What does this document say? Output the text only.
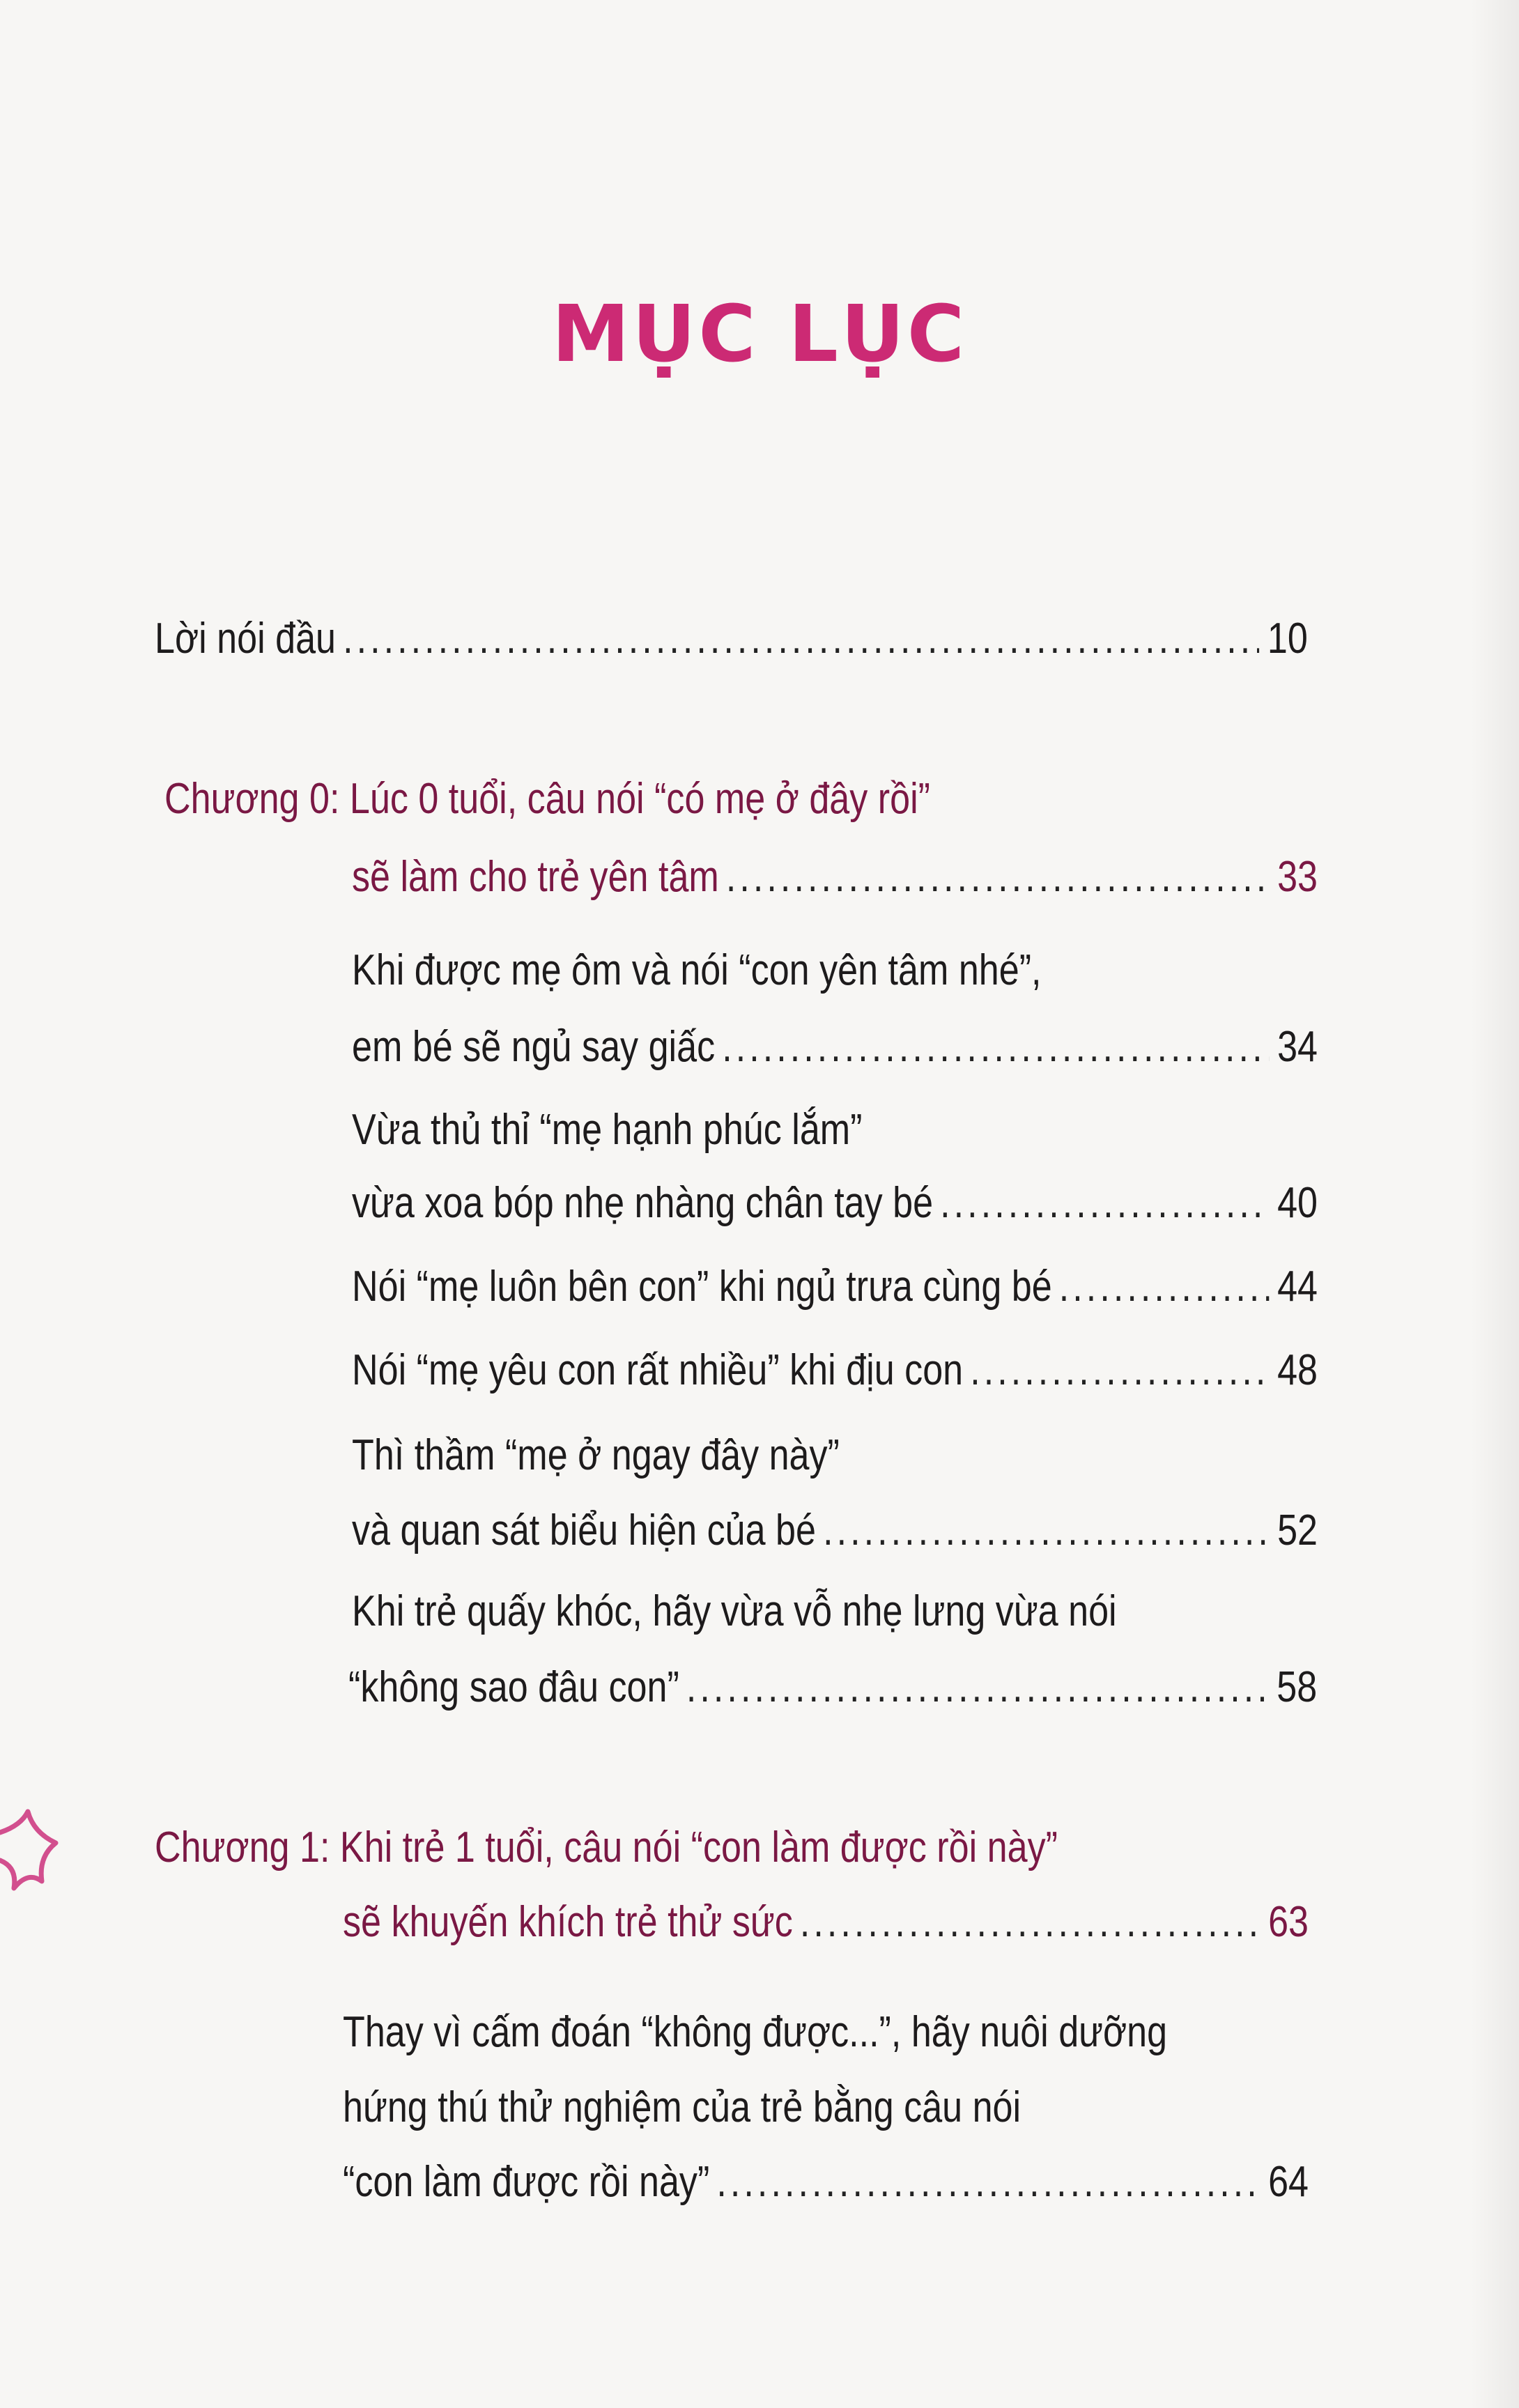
MỤC LỤC
Lời nói đầu .....	10
Chương 0: Lúc 0 tuổi, câu nói “có mẹ ở đây rồi”
sẽ làm cho trẻ yên tâm .....	33
Khi được mẹ ôm và nói “con yên tâm nhé”,
em bé sẽ ngủ say giấc .....	34
Vừa thủ thỉ “mẹ hạnh phúc lắm”
vừa xoa bóp nhẹ nhàng chân tay bé .....	40
Nói “mẹ luôn bên con” khi ngủ trưa cùng bé .....	44
Nói “mẹ yêu con rất nhiều” khi địu con .....	48
Thì thầm “mẹ ở ngay đây này”
và quan sát biểu hiện của bé .....	52
Khi trẻ quấy khóc, hãy vừa vỗ nhẹ lưng vừa nói
“không sao đâu con” .....	58
Chương 1: Khi trẻ 1 tuổi, câu nói “con làm được rồi này”
sẽ khuyến khích trẻ thử sức .....	63
Thay vì cấm đoán “không được...”, hãy nuôi dưỡng
hứng thú thử nghiệm của trẻ bằng câu nói
“con làm được rồi này” .....	64
